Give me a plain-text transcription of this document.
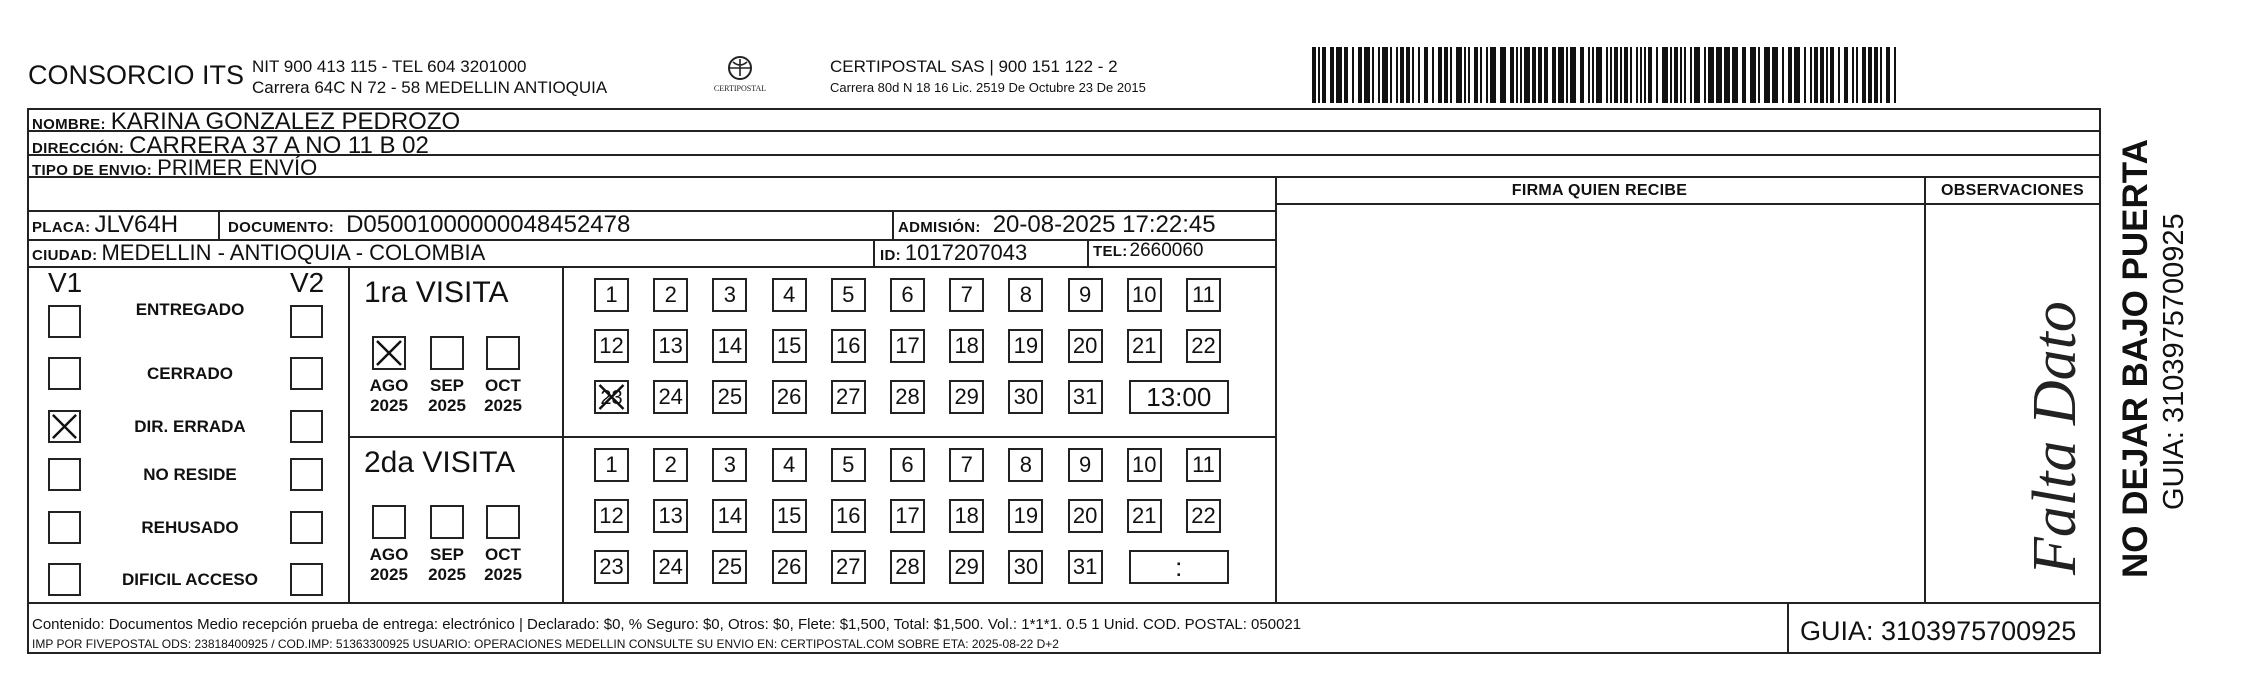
CONSORCIO ITS NIT 900 413 115 - TEL 604 3201000
Carrera 64C N 72 - 58 MEDELLIN ANTIOQUIA	CERTIPOSTAL
CERTIPOSTAL SAS | 900 151 122 - 2
Carrera 80d N 18 16 Lic. 2519 De Octubre 23 De 2015
NOMBRE: KARINA GONZALEZ PEDROZO
DIRECCIÓN: CARRERA 37 A NO 11 B 02
TIPO DE ENVIO: PRIMER ENVÍO
FIRMA QUIEN RECIBE	OBSERVACIONES
PLACA: JLV64H	DOCUMENTO: D05001000000048452478	ADMISIÓN: 20-08-2025 17:22:45
CIUDAD: MEDELLIN - ANTIOQUIA - COLOMBIA	ID: 1017207043	TEL: 2660060
V1	V2
ENTREGADO
CERRADO
DIR. ERRADA
NO RESIDE
REHUSADO
DIFICIL ACCESO
1ra VISITA
2da VISITA
AGO
2025
SEP
2025
OCT
2025
AGO
2025
SEP
2025
OCT
2025
1	2	3	4	5	6	7	8	9	10 11
12 13 14 15 16 17 18 19 20 21 22
23 24 25 26 27 28 29 30 31	13:00
1	2	3	4	5	6	7	8	9	10 11
12 13 14 15 16 17 18 19 20 21 22
23 24 25 26 27 28 29 30 31	:	Falta Dato
Contenido: Documentos Medio recepción prueba de entrega: electrónico | Declarado: $0, % Seguro: $0, Otros: $0, Flete: $1,500, Total: $1,500. Vol.: 1*1*1. 0.5 1 Unid. COD. POSTAL: 050021
IMP POR FIVEPOSTAL ODS: 23818400925 / COD.IMP: 51363300925 USUARIO: OPERACIONES MEDELLIN CONSULTE SU ENVIO EN: CERTIPOSTAL.COM SOBRE ETA: 2025-08-22 D+2	GUIA: 3103975700925
NO DEJAR BAJO PUERTA GUIA: 3103975700925
